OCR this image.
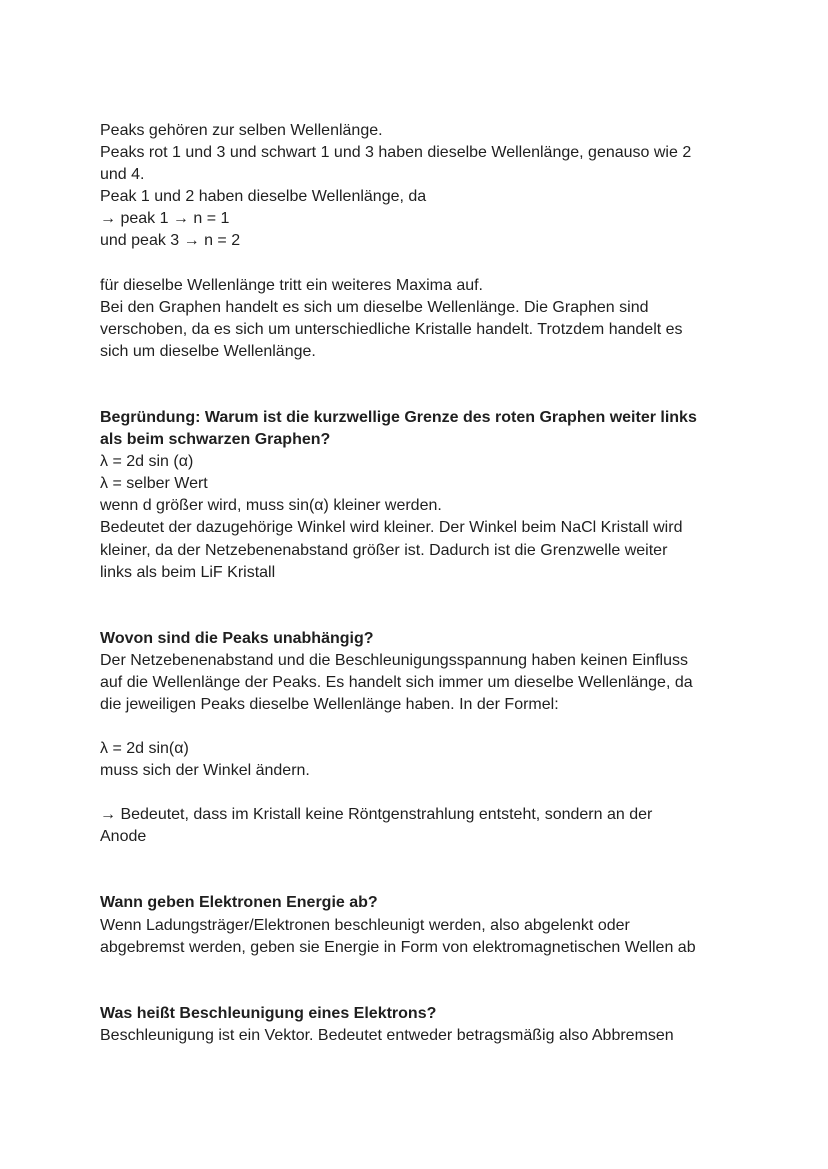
Peaks gehören zur selben Wellenlänge.
Peaks rot 1 und 3 und schwart 1 und 3 haben dieselbe Wellenlänge, genauso wie 2
und 4.
Peak 1 und 2 haben dieselbe Wellenlänge, da
→ peak 1 → n = 1
und peak 3 → n = 2
für dieselbe Wellenlänge tritt ein weiteres Maxima auf.
Bei den Graphen handelt es sich um dieselbe Wellenlänge. Die Graphen sind
verschoben, da es sich um unterschiedliche Kristalle handelt. Trotzdem handelt es
sich um dieselbe Wellenlänge.
Begründung: Warum ist die kurzwellige Grenze des roten Graphen weiter links
als beim schwarzen Graphen?
λ = 2d sin (α)
λ = selber Wert
wenn d größer wird, muss sin(α) kleiner werden.
Bedeutet der dazugehörige Winkel wird kleiner. Der Winkel beim NaCl Kristall wird
kleiner, da der Netzebenenabstand größer ist. Dadurch ist die Grenzwelle weiter
links als beim LiF Kristall
Wovon sind die Peaks unabhängig?
Der Netzebenenabstand und die Beschleunigungsspannung haben keinen Einfluss
auf die Wellenlänge der Peaks. Es handelt sich immer um dieselbe Wellenlänge, da
die jeweiligen Peaks dieselbe Wellenlänge haben. In der Formel:
λ = 2d sin(α)
muss sich der Winkel ändern.
→ Bedeutet, dass im Kristall keine Röntgenstrahlung entsteht, sondern an der
Anode
Wann geben Elektronen Energie ab?
Wenn Ladungsträger/Elektronen beschleunigt werden, also abgelenkt oder
abgebremst werden, geben sie Energie in Form von elektromagnetischen Wellen ab
Was heißt Beschleunigung eines Elektrons?
Beschleunigung ist ein Vektor. Bedeutet entweder betragsmäßig also Abbremsen
